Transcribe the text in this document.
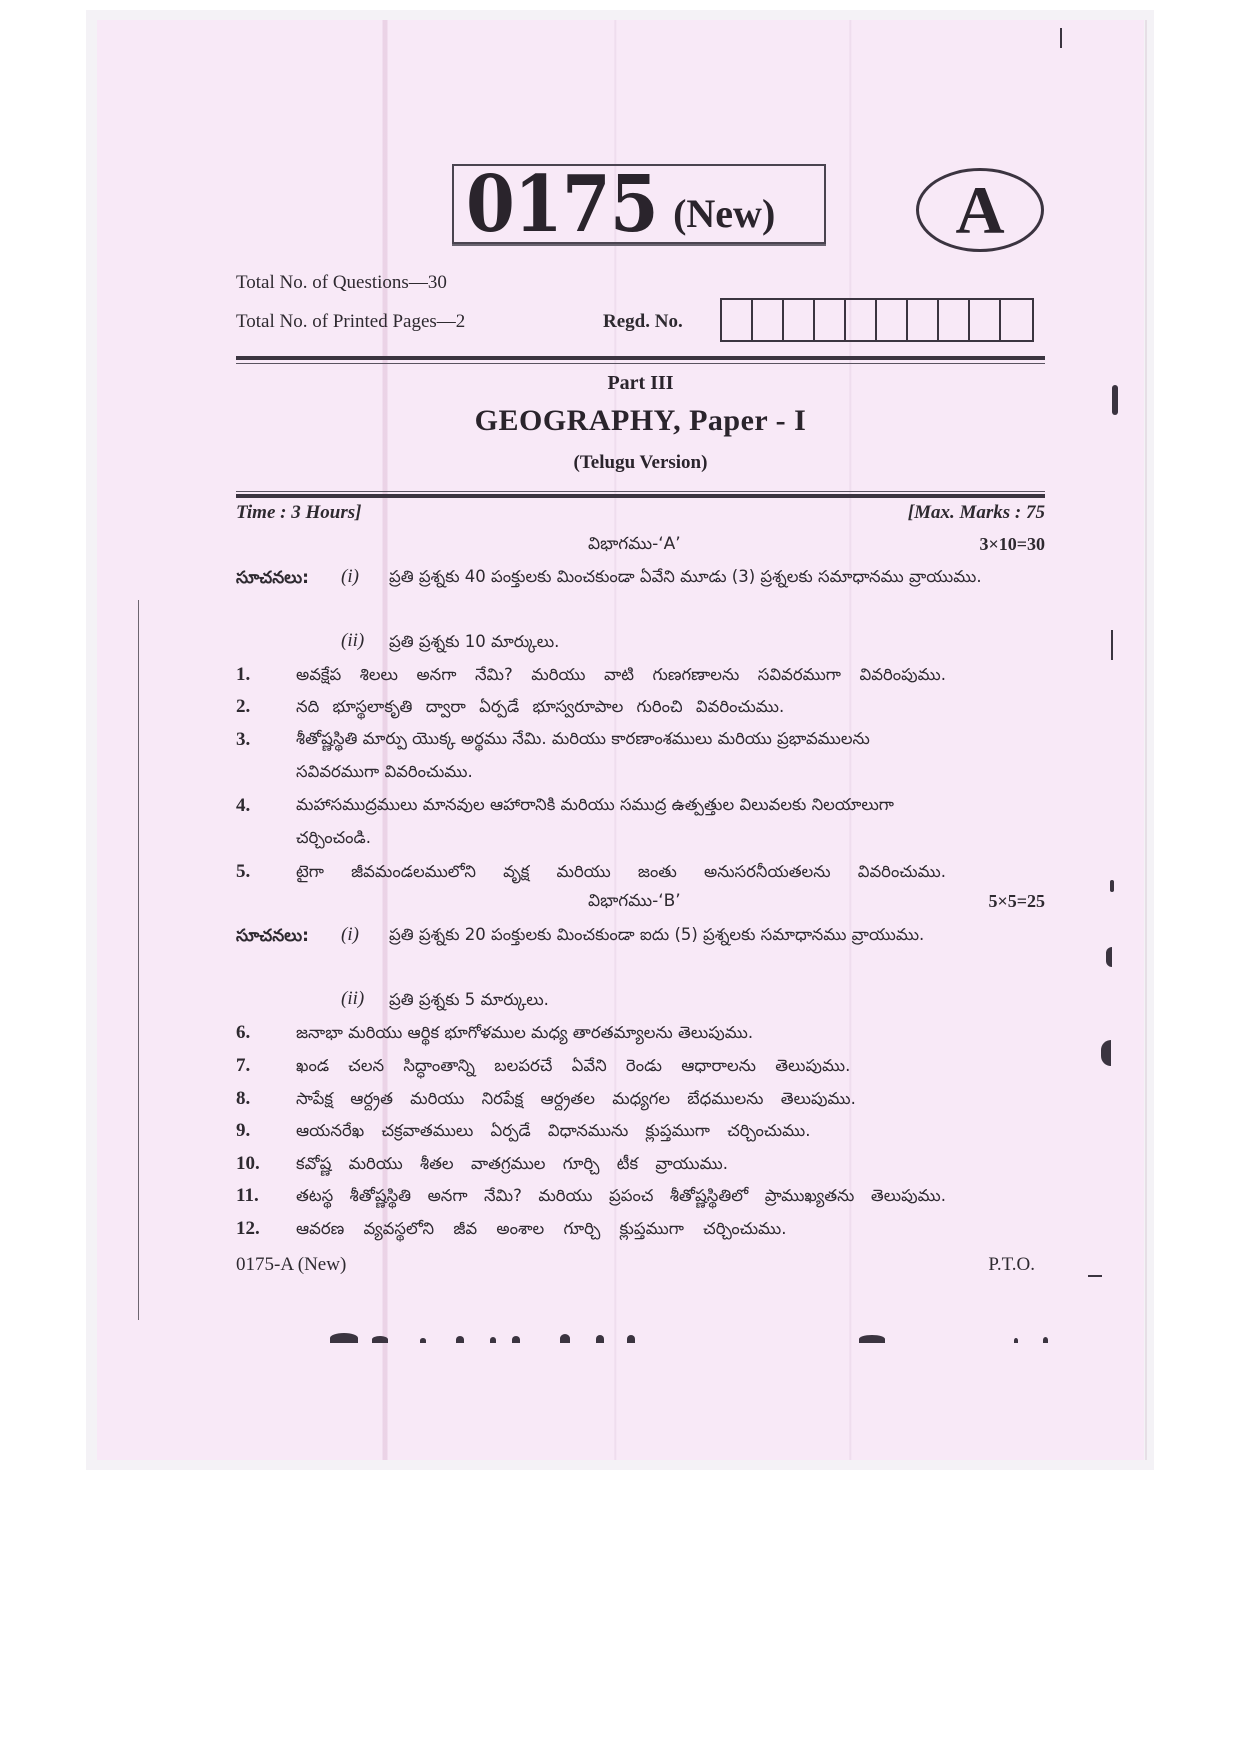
0175 (New)	A
Total No. of Questions—30
Total No. of Printed Pages—2	Regd. No.
Part III
GEOGRAPHY, Paper - I
(Telugu Version)
Time : 3 Hours]	[Max. Marks : 75
విభాగము-‘A’	3×10=30
సూచనలు: (i) ప్రతి ప్రశ్నకు 40 పంక్తులకు మించకుండా ఏవేని మూడు (3) ప్రశ్నలకు సమాధానము వ్రాయుము.
(ii) ప్రతి ప్రశ్నకు 10 మార్కులు.
1.	అవక్షేప శిలలు అనగా నేమి? మరియు వాటి గుణగణాలను సవివరముగా వివరింపుము.
2.	నది భూస్థలాకృతి ద్వారా ఏర్పడే భూస్వరూపాల గురించి వివరించుము.
3.	శీతోష్ణస్థితి మార్పు యొక్క అర్థము నేమి. మరియు కారణాంశములు మరియు ప్రభావములను సవివరముగా వివరించుము.
4.	మహాసముద్రములు మానవుల ఆహారానికి మరియు సముద్ర ఉత్పత్తుల విలువలకు నిలయాలుగా చర్చించండి.
5.	టైగా జీవమండలములోని వృక్ష మరియు జంతు అనుసరనీయతలను వివరించుము.
విభాగము-‘B’	5×5=25
సూచనలు: (i) ప్రతి ప్రశ్నకు 20 పంక్తులకు మించకుండా ఐదు (5) ప్రశ్నలకు సమాధానము వ్రాయుము.
(ii) ప్రతి ప్రశ్నకు 5 మార్కులు.
6.	జనాభా మరియు ఆర్థిక భూగోళముల మధ్య తారతమ్యాలను తెలుపుము.
7.	ఖండ చలన సిద్ధాంతాన్ని బలపరచే ఏవేని రెండు ఆధారాలను తెలుపుము.
8.	సాపేక్ష ఆర్ద్రత మరియు నిరపేక్ష ఆర్ద్రతల మధ్యగల బేధములను తెలుపుము.
9.	ఆయనరేఖ చక్రవాతములు ఏర్పడే విధానమును క్లుప్తముగా చర్చించుము.
10. కవోష్ణ మరియు శీతల వాతగ్రముల గూర్చి టీక వ్రాయుము.
11. తటస్థ శీతోష్ణస్థితి అనగా నేమి? మరియు ప్రపంచ శీతోష్ణస్థితిలో ప్రాముఖ్యతను తెలుపుము.
12. ఆవరణ వ్యవస్థలోని జీవ అంశాల గూర్చి క్లుప్తముగా చర్చించుము.
0175-A (New)	P.T.O.
